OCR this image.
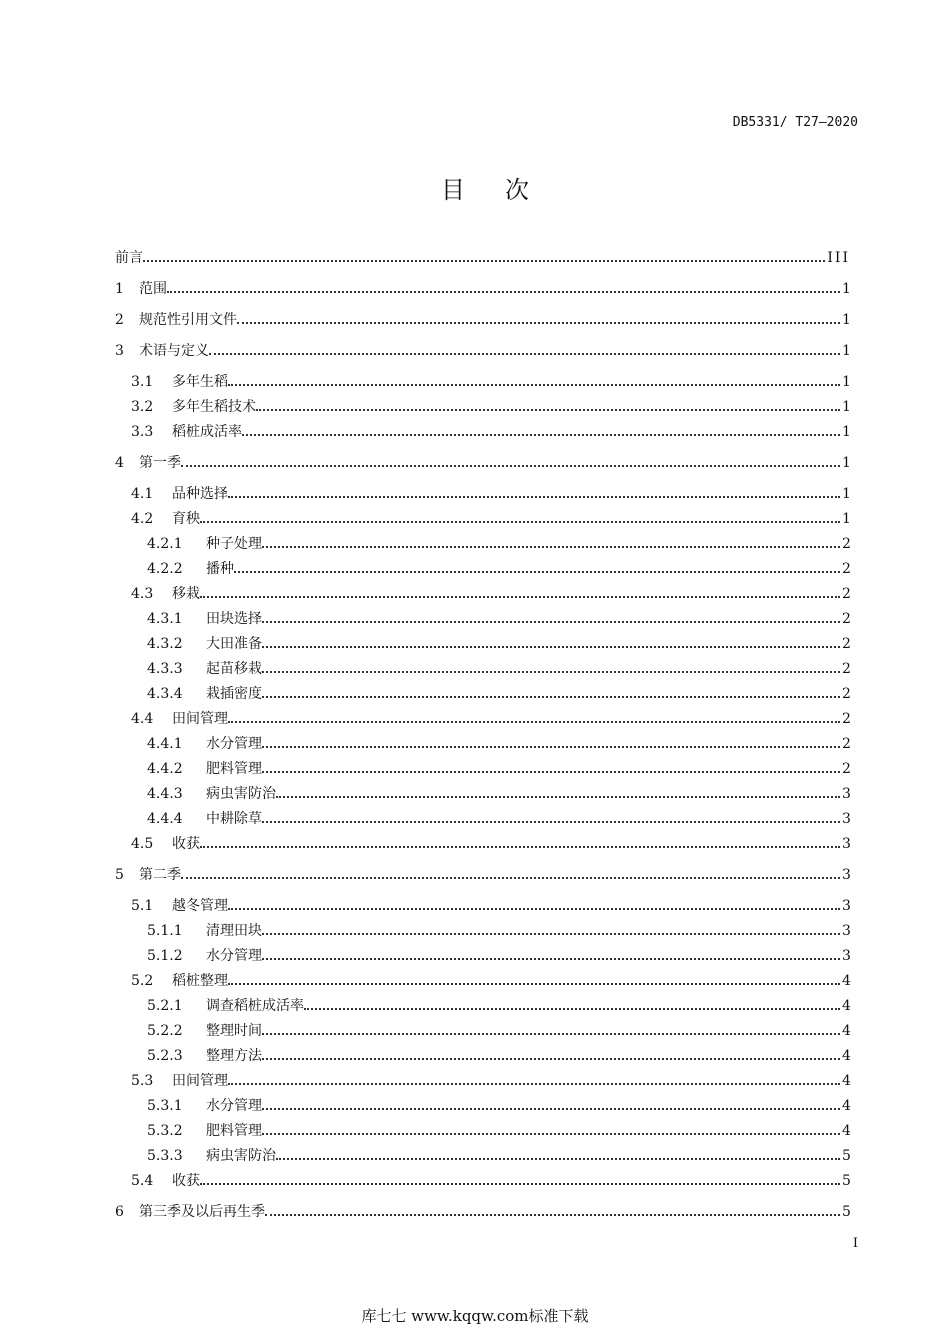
DB5331/ T27—2020
目次
前言	III
1	范围	1
2	规范性引用文件	1
3	术语与定义	1
3.1	多年生稻	1
3.2	多年生稻技术	1
3.3	稻桩成活率	1
4	第一季	1
4.1	品种选择	1
4.2	育秧	1
4.2.1	种子处理	2
4.2.2	播种	2
4.3	移栽	2
4.3.1	田块选择	2
4.3.2	大田准备	2
4.3.3	起苗移栽	2
4.3.4	栽插密度	2
4.4	田间管理	2
4.4.1	水分管理	2
4.4.2	肥料管理	2
4.4.3	病虫害防治	3
4.4.4	中耕除草	3
4.5	收获	3
5	第二季	3
5.1	越冬管理	3
5.1.1	清理田块	3
5.1.2	水分管理	3
5.2	稻桩整理	4
5.2.1	调查稻桩成活率	4
5.2.2	整理时间	4
5.2.3	整理方法	4
5.3	田间管理	4
5.3.1	水分管理	4
5.3.2	肥料管理	4
5.3.3	病虫害防治	5
5.4	收获	5
6	第三季及以后再生季	5
I
库七七 www.kqqw.com标准下载
